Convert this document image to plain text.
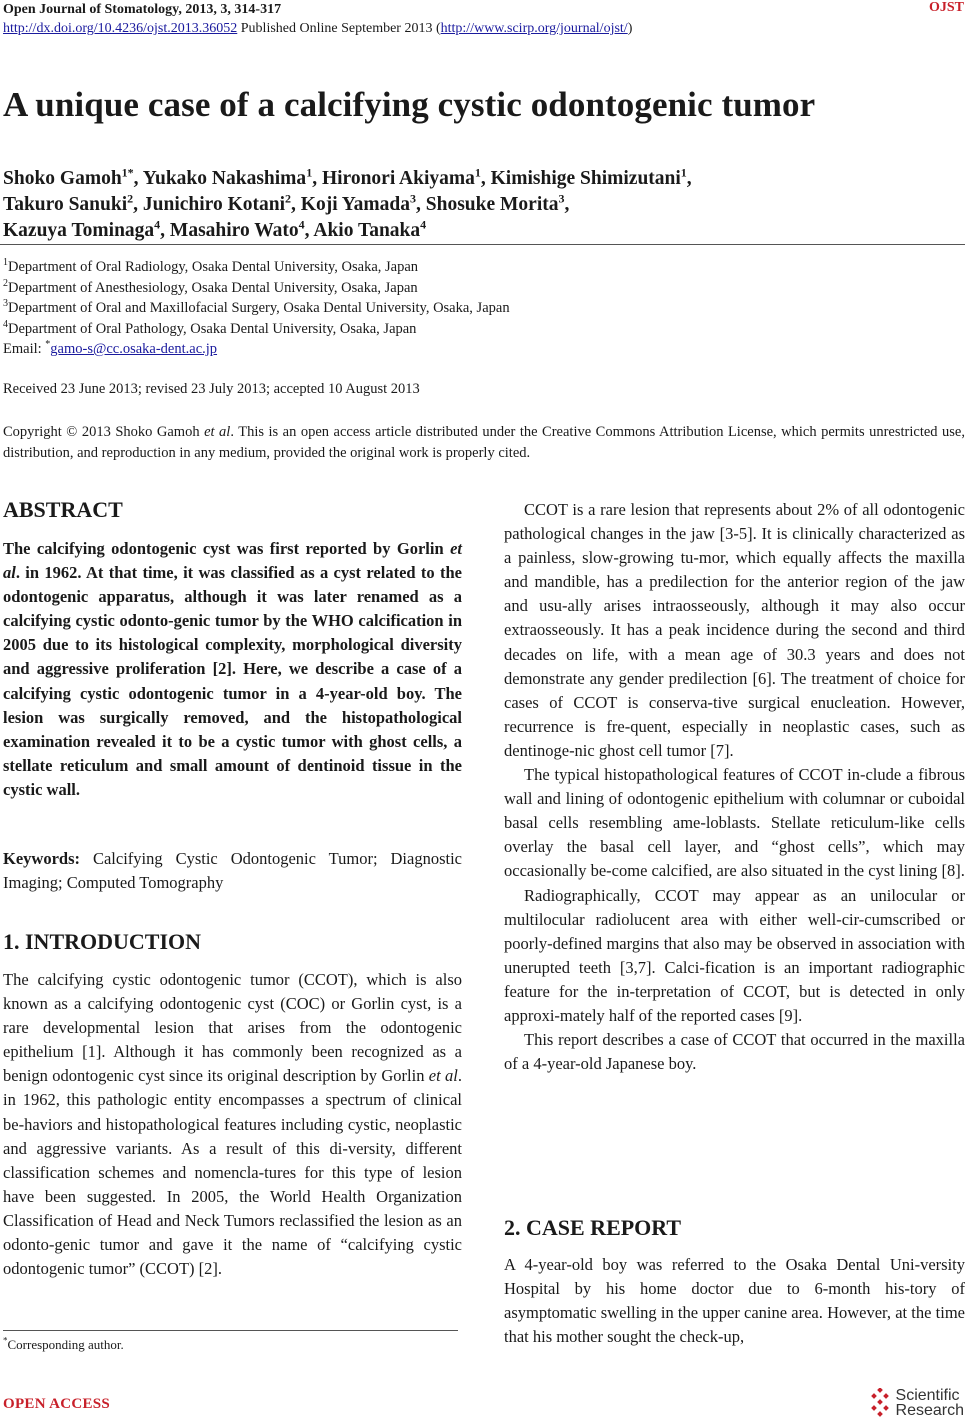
Open Journal of Stomatology, 2013, 3, 314-317
http://dx.doi.org/10.4236/ojst.2013.36052 Published Online September 2013 (http://www.scirp.org/journal/ojst/)
OJST
A unique case of a calcifying cystic odontogenic tumor
Shoko Gamoh$^{1*}$, Yukako Nakashima$^1$, Hironori Akiyama$^1$, Kimishige Shimizutani$^1$,
Takuro Sanuki$^2$, Junichiro Kotani$^2$, Koji Yamada$^3$, Shosuke Morita$^3$,
Kazuya Tominaga$^4$, Masahiro Wato$^4$, Akio Tanaka$^4$
$^1$Department of Oral Radiology, Osaka Dental University, Osaka, Japan
$^2$Department of Anesthesiology, Osaka Dental University, Osaka, Japan
$^3$Department of Oral and Maxillofacial Surgery, Osaka Dental University, Osaka, Japan
$^4$Department of Oral Pathology, Osaka Dental University, Osaka, Japan
Email: *gamo-s@cc.osaka-dent.ac.jp
Received 23 June 2013; revised 23 July 2013; accepted 10 August 2013
Copyright © 2013 Shoko Gamoh et al. This is an open access article distributed under the Creative Commons Attribution License, which permits unrestricted use, distribution, and reproduction in any medium, provided the original work is properly cited.
ABSTRACT
The calcifying odontogenic cyst was first reported by Gorlin et al. in 1962. At that time, it was classified as a cyst related to the odontogenic apparatus, although it was later renamed as a calcifying cystic odonto-genic tumor by the WHO calcification in 2005 due to its histological complexity, morphological diversity and aggressive proliferation [2]. Here, we describe a case of a calcifying cystic odontogenic tumor in a 4-year-old boy. The lesion was surgically removed, and the histopathological examination revealed it to be a cystic tumor with ghost cells, a stellate reticulum and small amount of dentinoid tissue in the cystic wall.
Keywords: Calcifying Cystic Odontogenic Tumor; Diagnostic Imaging; Computed Tomography
1. INTRODUCTION
The calcifying cystic odontogenic tumor (CCOT), which is also known as a calcifying odontogenic cyst (COC) or Gorlin cyst, is a rare developmental lesion that arises from the odontogenic epithelium [1]. Although it has commonly been recognized as a benign odontogenic cyst since its original description by Gorlin et al. in 1962, this pathologic entity encompasses a spectrum of clinical be-haviors and histopathological features including cystic, neoplastic and aggressive variants. As a result of this di-versity, different classification schemes and nomencla-tures for this type of lesion have been suggested. In 2005, the World Health Organization Classification of Head and Neck Tumors reclassified the lesion as an odonto-genic tumor and gave it the name of “calcifying cystic odontogenic tumor” (CCOT) [2].

CCOT is a rare lesion that represents about 2% of all odontogenic pathological changes in the jaw [3-5]. It is clinically characterized as a painless, slow-growing tu-mor, which equally affects the maxilla and mandible, has a predilection for the anterior region of the jaw and usu-ally arises intraosseously, although it may also occur extraosseously. It has a peak incidence during the second and third decades on life, with a mean age of 30.3 years and does not demonstrate any gender predilection [6]. The treatment of choice for cases of CCOT is conserva-tive surgical enucleation. However, recurrence is fre-quent, especially in neoplastic cases, such as dentinoge-nic ghost cell tumor [7].

The typical histopathological features of CCOT in-clude a fibrous wall and lining of odontogenic epithelium with columnar or cuboidal basal cells resembling ame-loblasts. Stellate reticulum-like cells overlay the basal cell layer, and “ghost cells”, which may occasionally be-come calcified, are also situated in the cyst lining [8].

Radiographically, CCOT may appear as an unilocular or multilocular radiolucent area with either well-cir-cumscribed or poorly-defined margins that also may be observed in association with unerupted teeth [3,7]. Calci-fication is an important radiographic feature for the in-terpretation of CCOT, but is detected in only approxi-mately half of the reported cases [9].

This report describes a case of CCOT that occurred in the maxilla of a 4-year-old Japanese boy.

2. CASE REPORT
A 4-year-old boy was referred to the Osaka Dental Uni-versity Hospital by his home doctor due to 6-month his-tory of asymptomatic swelling in the upper canine area. However, at the time that his mother sought the check-up,
*Corresponding author.
OPEN ACCESS	Scientific
Research
